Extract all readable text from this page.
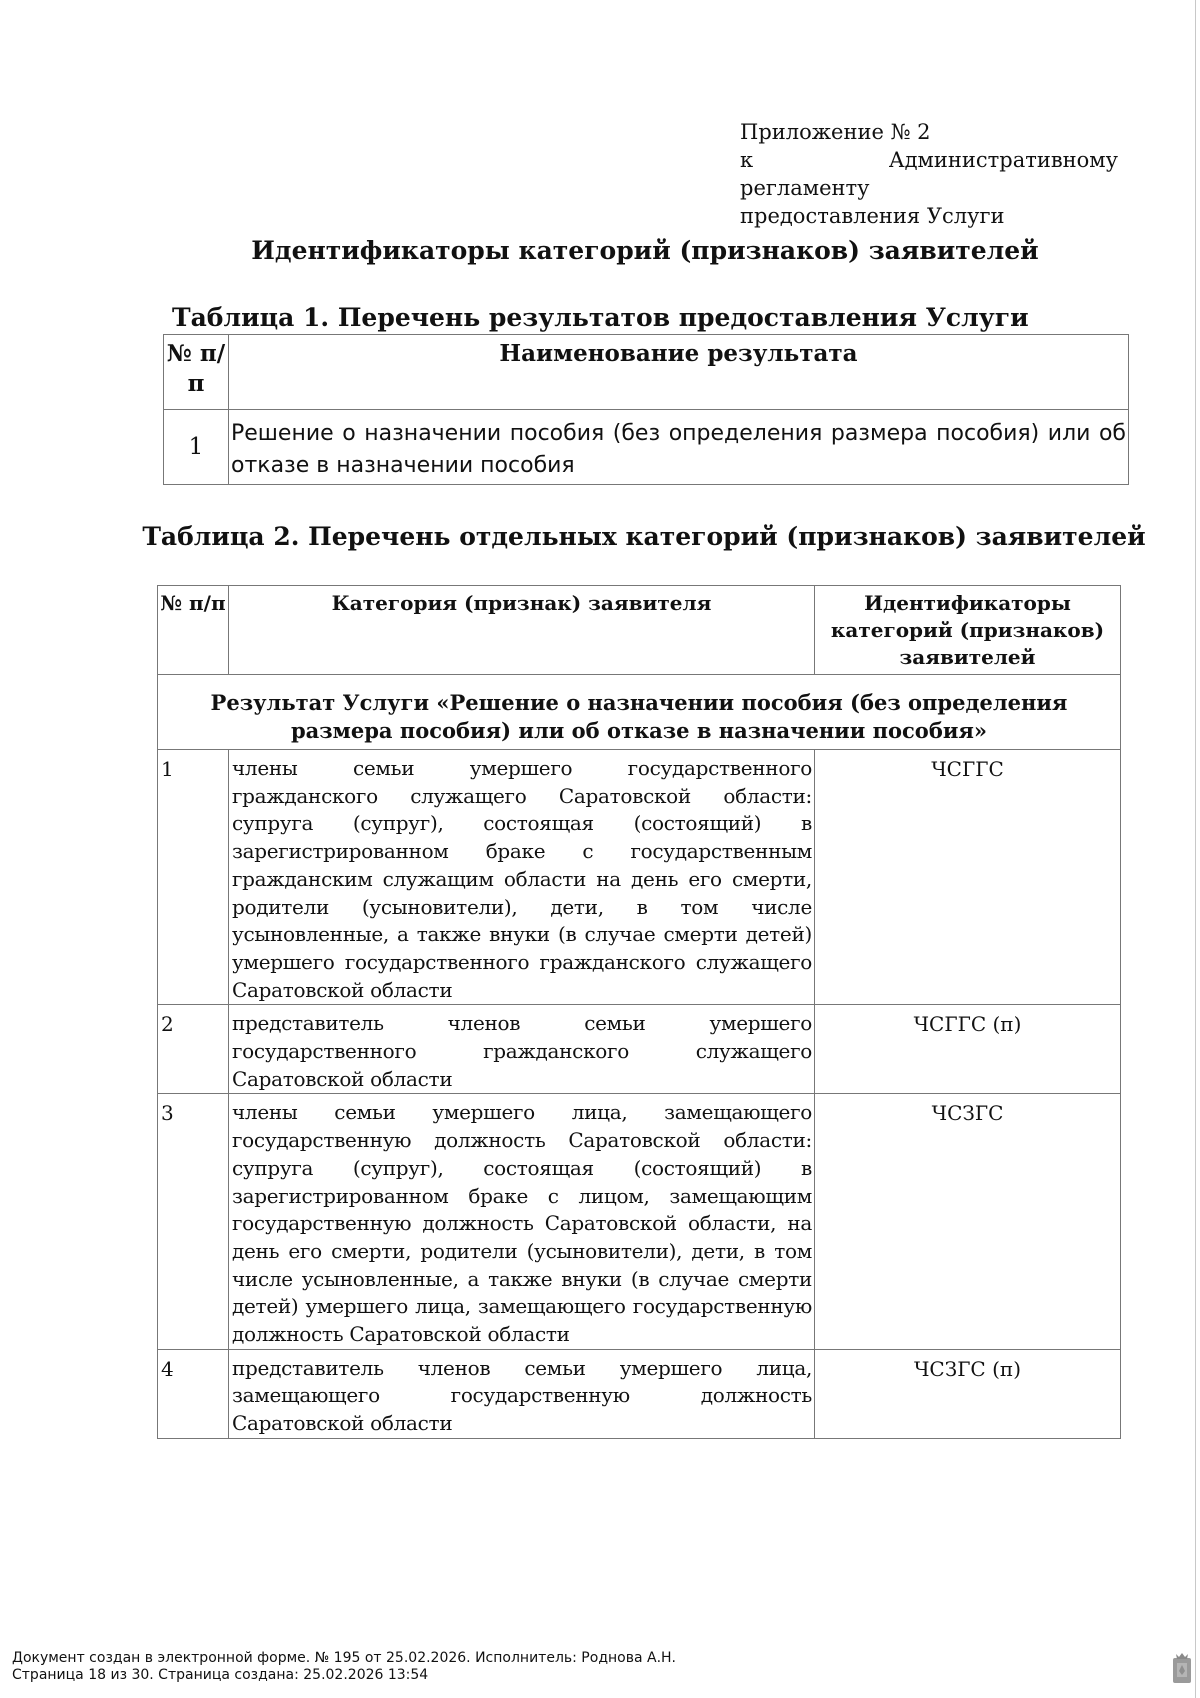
Приложение № 2
к Административному регламенту
предоставления Услуги
Идентификаторы категорий (признаков) заявителей
Таблица 1. Перечень результатов предоставления Услуги
№ п/п	Наименование результата
1	Решение о назначении пособия (без определения размера пособия) или об отказе в назначении пособия
Таблица 2. Перечень отдельных категорий (признаков) заявителей
№ п/п	Категория (признак) заявителя	Идентификаторы категорий (признаков) заявителей
Результат Услуги «Решение о назначении пособия (без определения размера пособия) или об отказе в назначении пособия»		
1	члены семьи умершего государственного гражданского служащего Саратовской области: супруга (супруг), состоящая (состоящий) в зарегистрированном браке с государственным гражданским служащим области на день его смерти, родители (усыновители), дети, в том числе усыновленные, а также внуки (в случае смерти детей) умершего государственного гражданского служащего Саратовской области	ЧСГГС
2	представитель членов семьи умершего государственного гражданского служащего Саратовской области	ЧСГГС (п)
3	члены семьи умершего лица, замещающего государственную должность Саратовской области: супруга (супруг), состоящая (состоящий) в зарегистрированном браке с лицом, замещающим государственную должность Саратовской области, на день его смерти, родители (усыновители), дети, в том числе усыновленные, а также внуки (в случае смерти детей) умершего лица, замещающего государственную должность Саратовской области	ЧСЗГС
4	представитель членов семьи умершего лица, замещающего государственную должность Саратовской области	ЧСЗГС (п)
Документ создан в электронной форме. № 195 от 25.02.2026. Исполнитель: Роднова А.Н.
Страница 18 из 30. Страница создана: 25.02.2026 13:54
